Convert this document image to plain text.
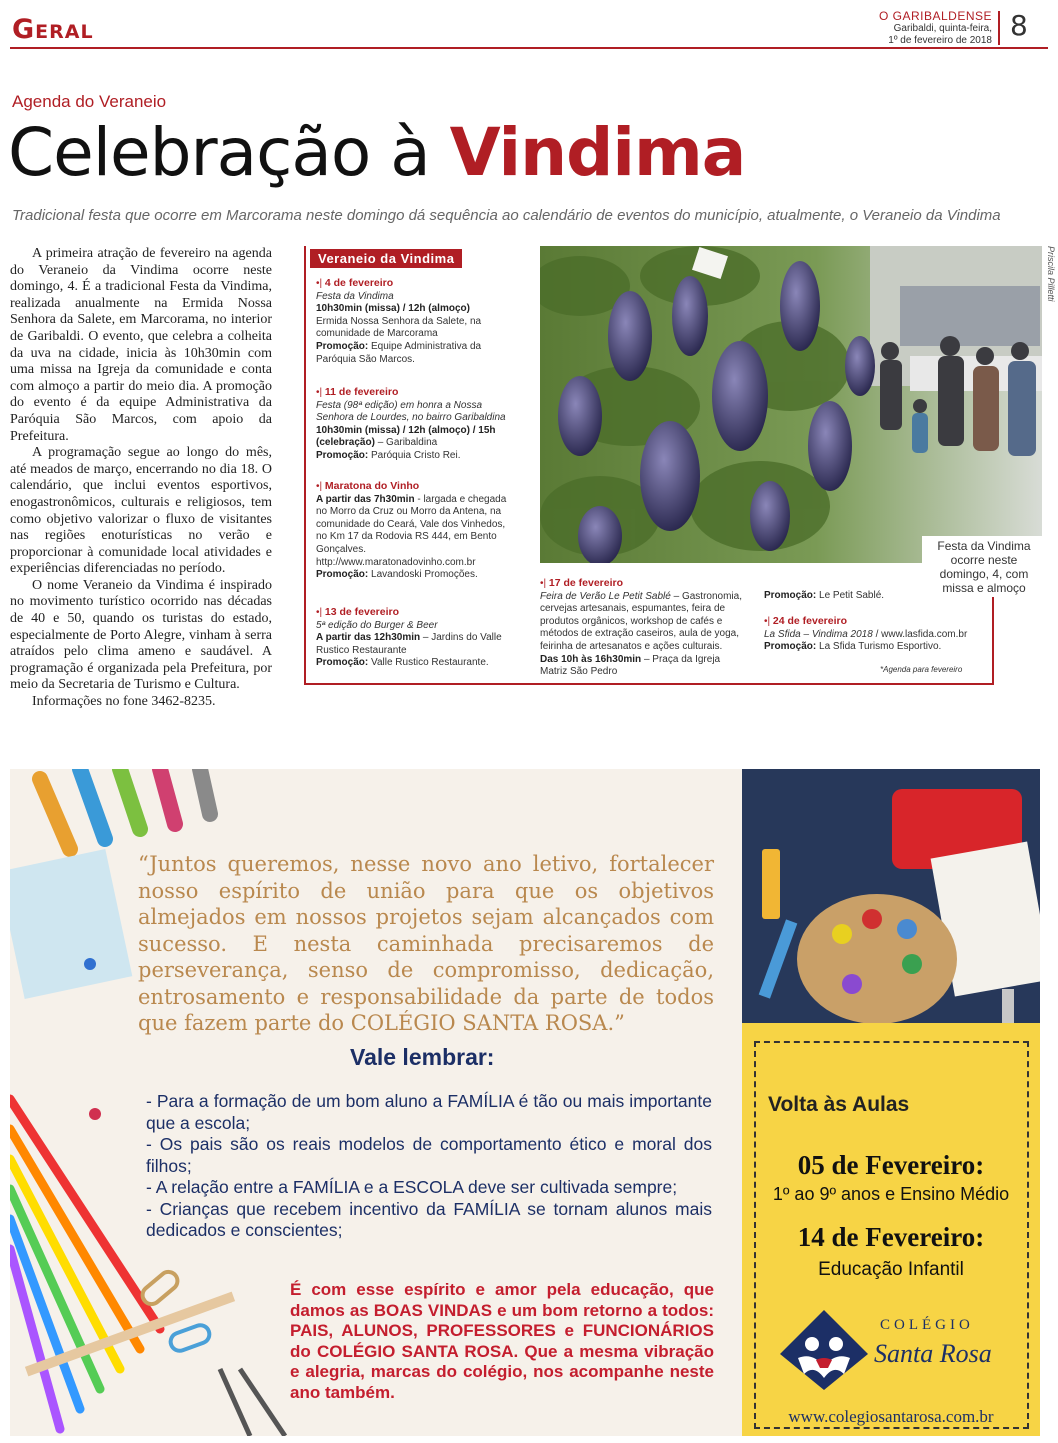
Geral	O GARIBALDENSE
Garibaldi, quinta-feira,
1º de fevereiro de 2018 8
Agenda do Veraneio
Celebração à Vindima
Tradicional festa que ocorre em Marcorama neste domingo dá sequência ao calendário de eventos do município, atualmente, o Veraneio da Vindima

A primeira atração de fevereiro na agenda do Veraneio da Vindima ocorre neste domingo, 4. É a tradicional Festa da Vindima, realizada anualmente na Ermida Nossa Senhora da Salete, em Marcorama, no interior de Garibaldi. O evento, que celebra a colheita da uva na cidade, inicia às 10h30min com uma missa na Igreja da comunidade e conta com almoço a partir do meio dia. A promoção do evento é da equipe Administrativa da Paróquia São Marcos, com apoio da Prefeitura.

A programação segue ao longo do mês, até meados de março, encerrando no dia 18. O calendário, que inclui eventos esportivos, enogastronômicos, culturais e religiosos, tem como objetivo valorizar o fluxo de visitantes nas regiões enoturísticas no verão e proporcionar à comunidade local atividades e experiências diferenciadas no período.

O nome Veraneio da Vindima é inspirado no movimento turístico ocorrido nas décadas de 40 e 50, quando os turistas do estado, especialmente de Porto Alegre, vinham à serra atraídos pelo clima ameno e saudável. A programação é organizada pela Prefeitura, por meio da Secretaria de Turismo e Cultura.

Informações no fone 3462-8235.

Veraneio da Vindima
•| 4 de fevereiro
Festa da Vindima
10h30min (missa) / 12h (almoço)
Ermida Nossa Senhora da Salete, na comunidade de Marcorama
Promoção: Equipe Administrativa da Paróquia São Marcos.
•| 11 de fevereiro
Festa (98ª edição) em honra a Nossa Senhora de Lourdes, no bairro Garibaldina
10h30min (missa) / 12h (almoço) / 15h (celebração) – Garibaldina
Promoção: Paróquia Cristo Rei.
•| Maratona do Vinho
A partir das 7h30min - largada e chegada no Morro da Cruz ou Morro da Antena, na comunidade do Ceará, Vale dos Vinhedos, no Km 17 da Rodovia RS 444, em Bento Gonçalves. http://www.maratonadovinho.com.br
Promoção: Lavandoski Promoções.
•| 13 de fevereiro
5ª edição do Burger & Beer
A partir das 12h30min – Jardins do Valle Rustico Restaurante
Promoção: Valle Rustico Restaurante.
•| 17 de fevereiro
Feira de Verão Le Petit Sablé – Gastronomia, cervejas artesanais, espumantes, feira de produtos orgânicos, workshop de cafés e métodos de extração caseiros, aula de yoga, feirinha de artesanatos e ações culturais.
Das 10h às 16h30min – Praça da Igreja Matriz São Pedro
Promoção: Le Petit Sablé.
•| 24 de fevereiro
La Sfida – Vindima 2018 / www.lasfida.com.br
Promoção: La Sfida Turismo Esportivo.
*Agenda para fevereiro
Priscila Pilletti
Festa da Vindima ocorre neste domingo, 4, com missa e almoço
“Juntos queremos, nesse novo ano letivo, fortalecer nosso espírito de união para que os objetivos almejados em nossos projetos sejam alcançados com sucesso. E nesta caminhada precisaremos de perseverança, senso de compromisso, dedicação, entrosamento e responsabilidade da parte de todos que fazem parte do COLÉGIO SANTA ROSA.”
Vale lembrar:
- Para a formação de um bom aluno a FAMÍLIA é tão ou mais importante que a escola;
- Os pais são os reais modelos de comportamento ético e moral dos filhos;
- A relação entre a FAMÍLIA e a ESCOLA deve ser cultivada sempre;
- Crianças que recebem incentivo da FAMÍLIA se tornam alunos mais dedicados e conscientes;
É com esse espírito e amor pela educação, que damos as BOAS VINDAS e um bom retorno a todos: PAIS, ALUNOS, PROFESSORES e FUNCIONÁRIOS do COLÉGIO SANTA ROSA. Que a mesma vibração e alegria, marcas do colégio, nos acompanhe neste ano também.
Volta às Aulas
05 de Fevereiro:
1º ao 9º anos e Ensino Médio
14 de Fevereiro:
Educação Infantil
COLÉGIO
Santa Rosa
www.colegiosantarosa.com.br
